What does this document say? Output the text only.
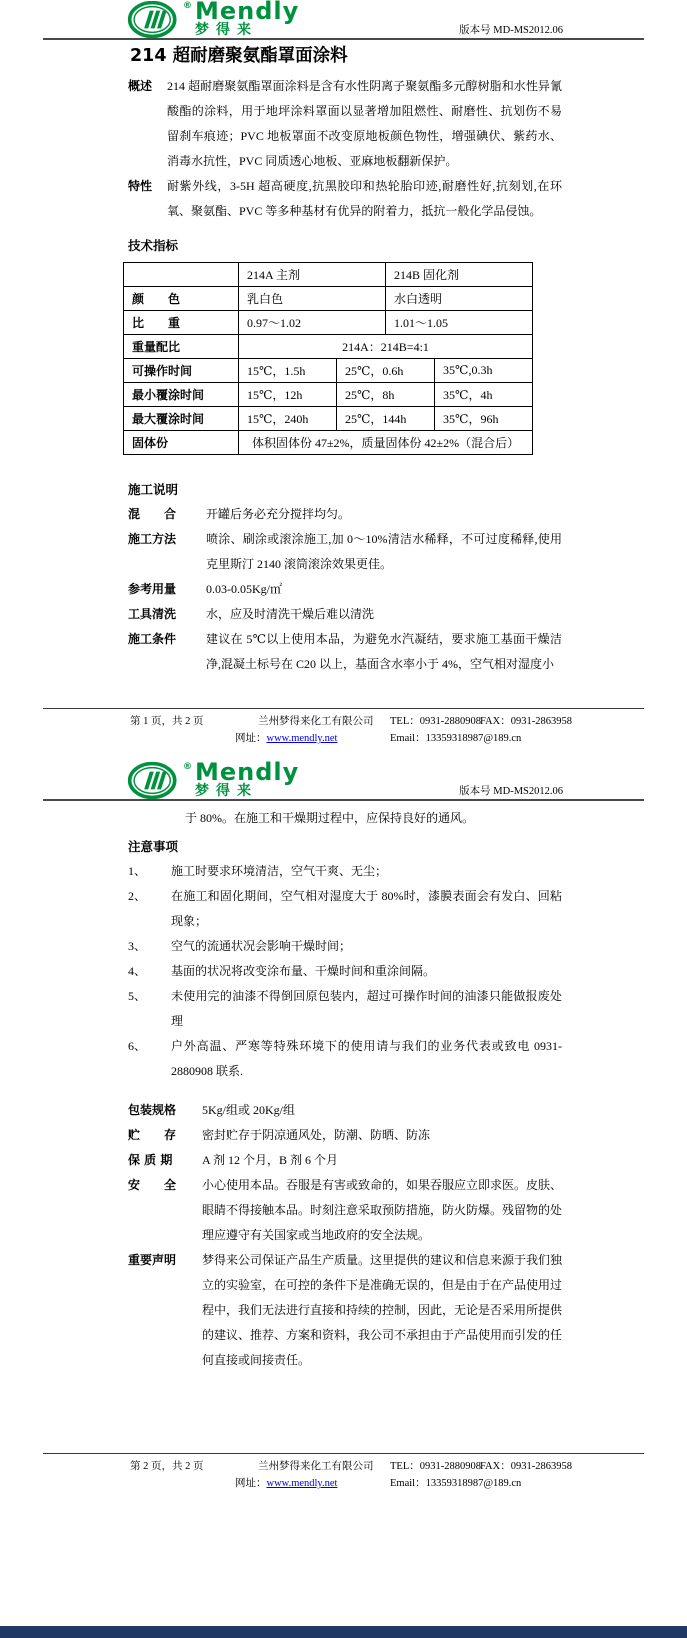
® Mendly
梦得来	版本号 MD-MS2012.06
214 超耐磨聚氨酯罩面涂料
概述	214 超耐磨聚氨酯罩面涂料是含有水性阴离子聚氨酯多元醇树脂和水性异氰酸酯的涂料，用于地坪涂料罩面以显著增加阻燃性、耐磨性、抗划伤不易留刹车痕迹；PVC 地板罩面不改变原地板颜色物性，增强碘伏、紫药水、消毒水抗性，PVC 同质透心地板、亚麻地板翻新保护。
特性	耐紫外线，3-5H 超高硬度,抗黑胶印和热轮胎印迹,耐磨性好,抗刻划,在环氧、聚氨酯、PVC 等多种基材有优异的附着力，抵抗一般化学品侵蚀。
技术指标
	214A 主剂		214B 固化剂	
颜　　色	乳白色		水白透明	
比　　重	0.97～1.02		1.01～1.05	
重量配比	214A：214B=4:1			
可操作时间	15℃，1.5h	25℃，0.6h		35℃,0.3h
最小覆涂时间	15℃，12h	25℃，8h		35℃，4h
最大覆涂时间	15℃，240h	25℃，144h		35℃，96h
固体份	体积固体份 47±2%，质量固体份 42±2%（混合后）			
施工说明
混　　合	开罐后务必充分搅拌均匀。
施工方法	喷涂、刷涂或滚涂施工,加 0～10%清洁水稀释，不可过度稀释,使用克里斯汀 2140 滚筒滚涂效果更佳。
参考用量	0.03-0.05Kg/㎡
工具清洗	水，应及时清洗干燥后难以清洗
施工条件	建议在 5℃以上使用本品，为避免水汽凝结，要求施工基面干燥洁净,混凝土标号在 C20 以上，基面含水率小于 4%，空气相对湿度小
第 1 页，共 2 页	兰州梦得来化工有限公司 TEL：0931-2880908FAX：0931-2863958
网址：www.mendly.net	Email：13359318987@189.cn
® Mendly
梦得来	版本号 MD-MS2012.06
于 80%。在施工和干燥期过程中，应保持良好的通风。
注意事项
1、	施工时要求环境清洁，空气干爽、无尘；
2、	在施工和固化期间，空气相对湿度大于 80%时，漆膜表面会有发白、回粘现象；
3、	空气的流通状况会影响干燥时间；
4、	基面的状况将改变涂布量、干燥时间和重涂间隔。
5、	未使用完的油漆不得倒回原包装内，超过可操作时间的油漆只能做报废处理
6、	户外高温、严寒等特殊环境下的使用请与我们的业务代表或致电 0931-2880908 联系.
包装规格	5Kg/组或 20Kg/组
贮　　存	密封贮存于阴凉通风处，防潮、防晒、防冻
保 质 期	A 剂 12 个月，B 剂 6 个月
安　　全	小心使用本品。吞服是有害或致命的，如果吞服应立即求医。皮肤、眼睛不得接触本品。时刻注意采取预防措施，防火防爆。残留物的处理应遵守有关国家或当地政府的安全法规。
重要声明	梦得来公司保证产品生产质量。这里提供的建议和信息来源于我们独立的实验室，在可控的条件下是准确无误的，但是由于在产品使用过程中，我们无法进行直接和持续的控制，因此，无论是否采用所提供的建议、推荐、方案和资料，我公司不承担由于产品使用而引发的任何直接或间接责任。
第 2 页，共 2 页	兰州梦得来化工有限公司 TEL：0931-2880908FAX：0931-2863958
网址：www.mendly.net	Email：13359318987@189.cn
